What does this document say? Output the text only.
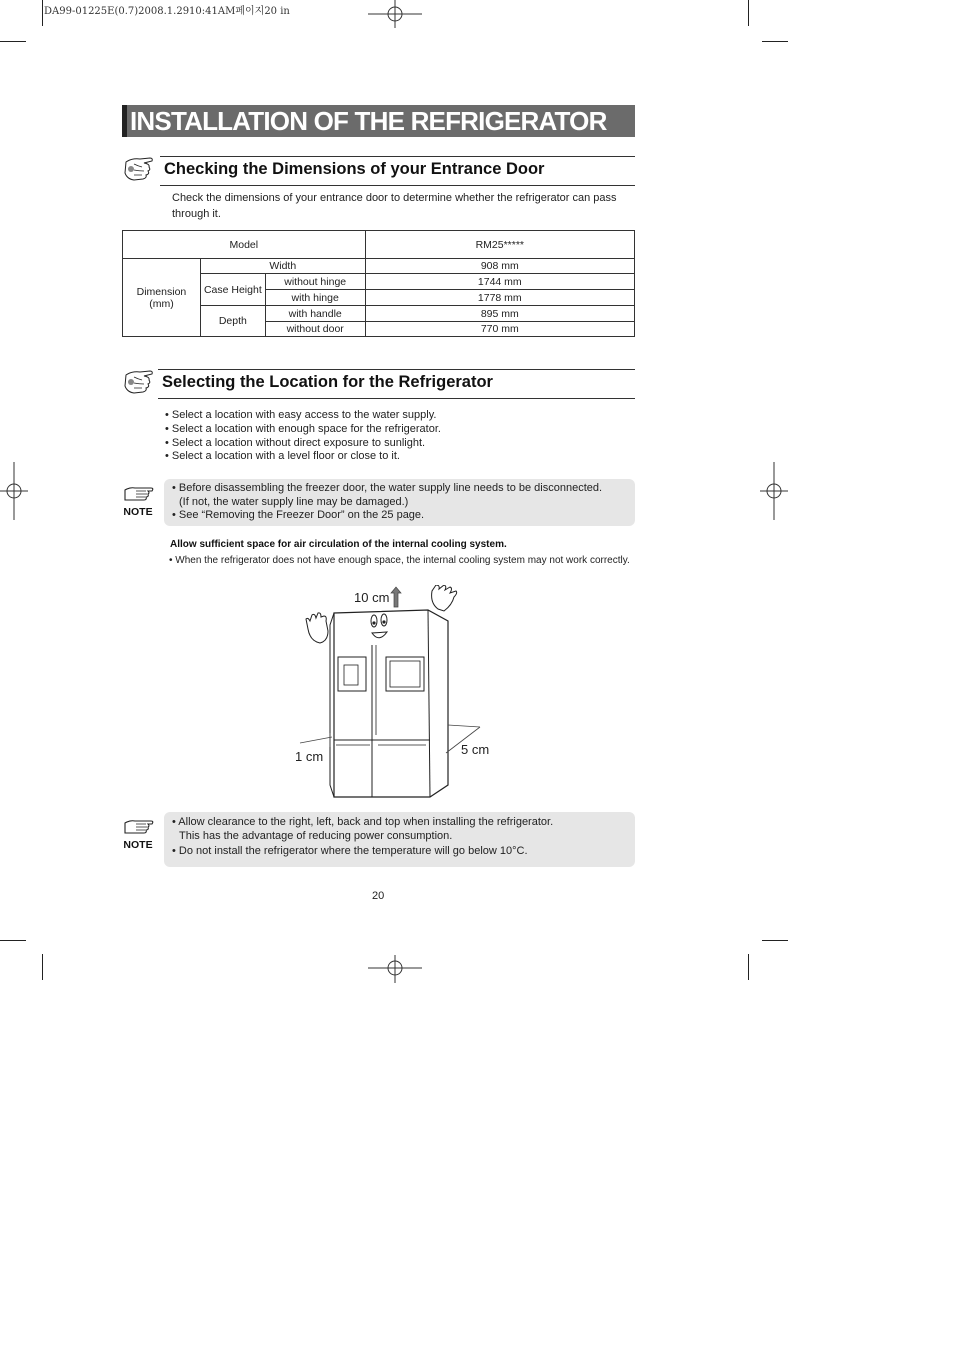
DA99-01225E(0.7)2008.1.2910:41AM페이지20 in
INSTALLATION OF THE REFRIGERATOR
Checking the Dimensions of your Entrance Door
Check the dimensions of your entrance door to determine whether the refrigerator can pass
through it.
Model			RM25*****

Dimension
(mm)	Width		908 mm
	Case Height	without hinge	1744 mm
		with hinge	1778 mm
	Depth	with handle	895 mm
		without door	770 mm
Selecting the Location for the Refrigerator
• Select a location with easy access to the water supply.
• Select a location with enough space for the refrigerator.
• Select a location without direct exposure to sunlight.
• Select a location with a level floor or close to it.
NOTE
• Before disassembling the freezer door, the water supply line needs to be disconnected.
(If not, the water supply line may be damaged.)
• See “Removing the Freezer Door” on the 25 page.
Allow sufficient space for air circulation of the internal cooling system.
• When the refrigerator does not have enough space, the internal cooling system may not work correctly.
10 cm
1 cm	5 cm
NOTE
• Allow clearance to the right, left, back and top when installing the refrigerator.
This has the advantage of reducing power consumption.
• Do not install the refrigerator where the temperature will go below 10°C.
20
